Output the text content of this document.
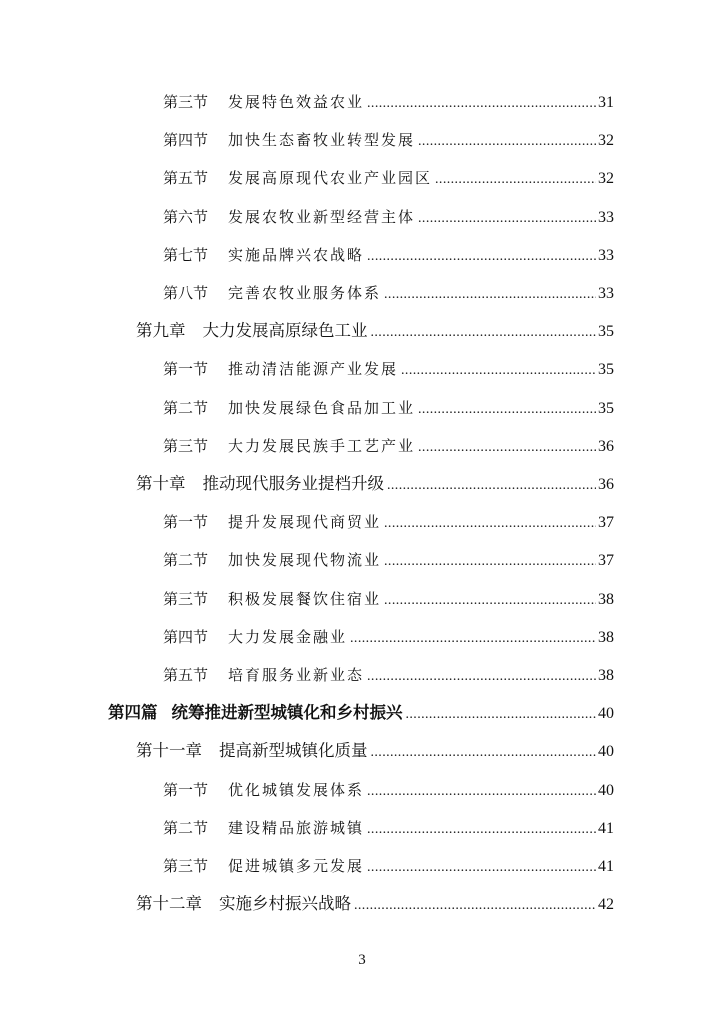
第三节 发展特色效益农业 .....	31
第四节 加快生态畜牧业转型发展 .....	32
第五节 发展高原现代农业产业园区 .....	32
第六节 发展农牧业新型经营主体 .....	33
第七节 实施品牌兴农战略 .....	33
第八节 完善农牧业服务体系 .....	33
第九章 大力发展高原绿色工业 .....	35
第一节 推动清洁能源产业发展 .....	35
第二节 加快发展绿色食品加工业 .....	35
第三节 大力发展民族手工艺产业 .....	36
第十章 推动现代服务业提档升级 .....	36
第一节 提升发展现代商贸业 .....	37
第二节 加快发展现代物流业 .....	37
第三节 积极发展餐饮住宿业 .....	38
第四节 大力发展金融业 .....	38
第五节 培育服务业新业态 .....	38
第四篇 统筹推进新型城镇化和乡村振兴 .....	40
第十一章 提高新型城镇化质量 .....	40
第一节 优化城镇发展体系 .....	40
第二节 建设精品旅游城镇 .....	41
第三节 促进城镇多元发展 .....	41
第十二章 实施乡村振兴战略 .....	42
3
